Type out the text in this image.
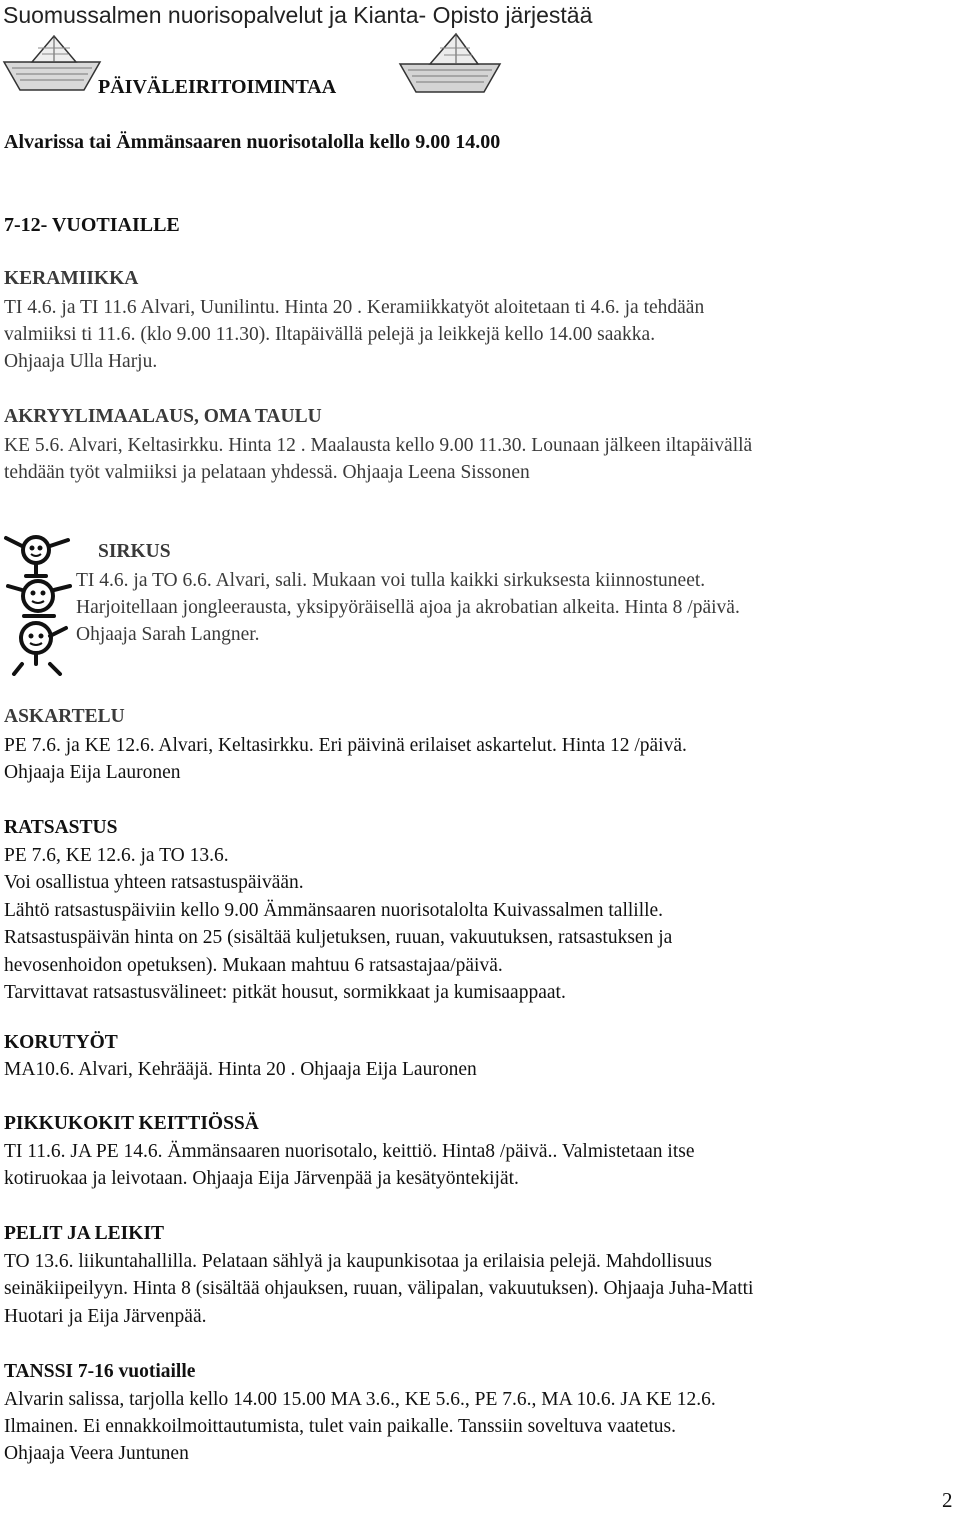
Suomussalmen nuorisopalvelut ja Kianta- Opisto järjestää
PÄIVÄLEIRITOIMINTAA
Alvarissa tai Ämmänsaaren nuorisotalolla kello 9.00 14.00
7-12- VUOTIAILLE
KERAMIIKKA
TI 4.6. ja TI 11.6 Alvari, Uunilintu. Hinta 20 . Keramiikkatyöt aloitetaan ti 4.6. ja tehdään
valmiiksi ti 11.6. (klo 9.00 11.30). Iltapäivällä pelejä ja leikkejä kello 14.00 saakka.
Ohjaaja Ulla Harju.
AKRYYLIMAALAUS, OMA TAULU
KE 5.6. Alvari, Keltasirkku. Hinta 12 . Maalausta kello 9.00 11.30. Lounaan jälkeen iltapäivällä
tehdään työt valmiiksi ja pelataan yhdessä. Ohjaaja Leena Sissonen
SIRKUS
TI 4.6. ja TO 6.6. Alvari, sali. Mukaan voi tulla kaikki sirkuksesta kiinnostuneet.
Harjoitellaan jongleerausta, yksipyöräisellä ajoa ja akrobatian alkeita. Hinta 8 /päivä.
Ohjaaja Sarah Langner.
ASKARTELU
PE 7.6. ja KE 12.6. Alvari, Keltasirkku. Eri päivinä erilaiset askartelut. Hinta 12 /päivä.
Ohjaaja Eija Lauronen
RATSASTUS
PE 7.6, KE 12.6. ja TO 13.6.
Voi osallistua yhteen ratsastuspäivään.
Lähtö ratsastuspäiviin kello 9.00 Ämmänsaaren nuorisotalolta Kuivassalmen tallille.
Ratsastuspäivän hinta on 25 (sisältää kuljetuksen, ruuan, vakuutuksen, ratsastuksen ja
hevosenhoidon opetuksen). Mukaan mahtuu 6 ratsastajaa/päivä.
Tarvittavat ratsastusvälineet: pitkät housut, sormikkaat ja kumisaappaat.
KORUTYÖT
MA10.6. Alvari, Kehrääjä. Hinta 20 . Ohjaaja Eija Lauronen
PIKKUKOKIT KEITTIÖSSÄ
TI 11.6. JA PE 14.6. Ämmänsaaren nuorisotalo, keittiö. Hinta8 /päivä.. Valmistetaan itse
kotiruokaa ja leivotaan. Ohjaaja Eija Järvenpää ja kesätyöntekijät.
PELIT JA LEIKIT
TO 13.6. liikuntahallilla. Pelataan sählyä ja kaupunkisotaa ja erilaisia pelejä. Mahdollisuus
seinäkiipeilyyn. Hinta 8 (sisältää ohjauksen, ruuan, välipalan, vakuutuksen). Ohjaaja Juha-Matti
Huotari ja Eija Järvenpää.
TANSSI 7-16 vuotiaille
Alvarin salissa, tarjolla kello 14.00 15.00 MA 3.6., KE 5.6., PE 7.6., MA 10.6. JA KE 12.6.
Ilmainen. Ei ennakkoilmoittautumista, tulet vain paikalle. Tanssiin soveltuva vaatetus.
Ohjaaja Veera Juntunen
2
